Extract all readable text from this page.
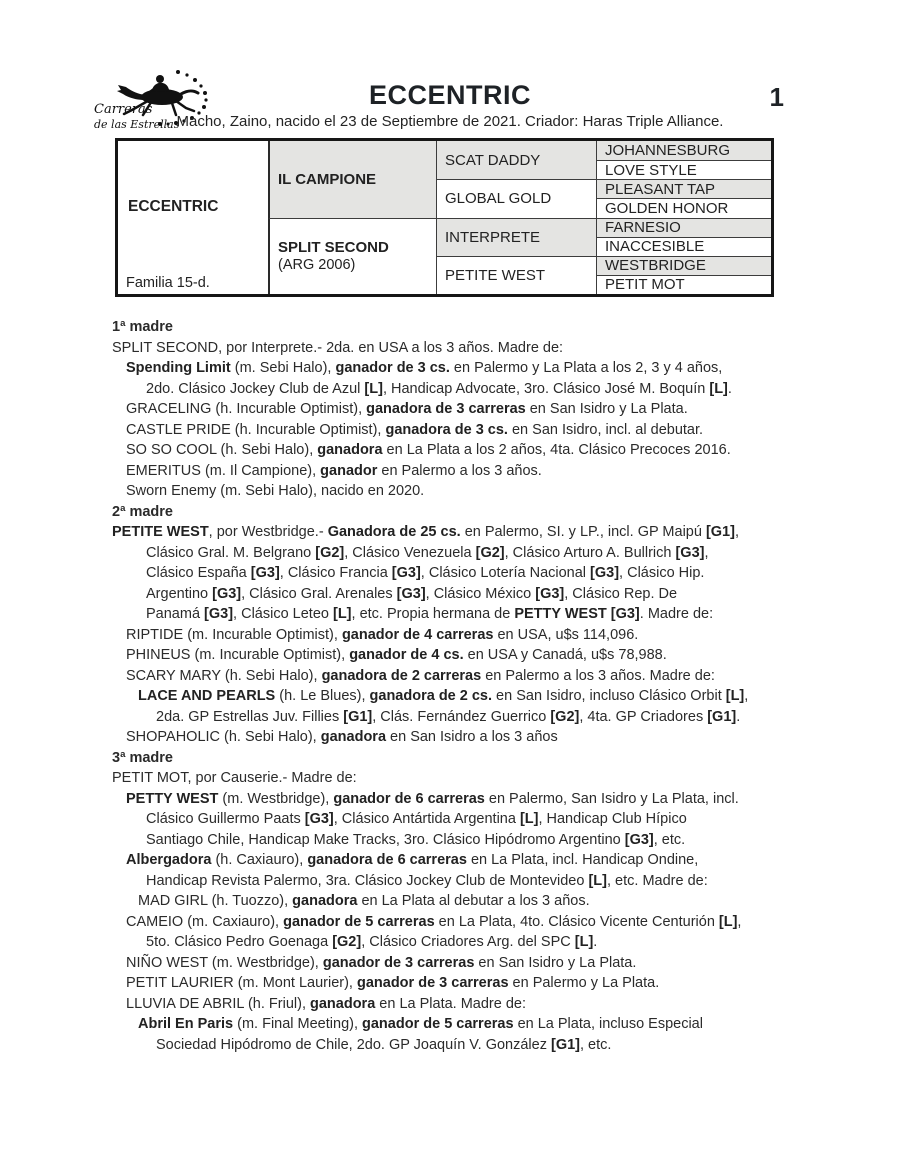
Carreras
de las Estrellas
ECCENTRIC	1
Macho, Zaino, nacido el 23 de Septiembre de 2021. Criador: Haras Triple Alliance.
ECCENTRIC
Familia 15-d.
IL CAMPIONE
SPLIT SECOND
(ARG 2006)
SCAT DADDY
GLOBAL GOLD
INTERPRETE
PETITE WEST
JOHANNESBURG
LOVE STYLE
PLEASANT TAP
GOLDEN HONOR
FARNESIO
INACCESIBLE
WESTBRIDGE
PETIT MOT
1ª madre
SPLIT SECOND, por Interprete.- 2da. en USA a los 3 años. Madre de:
Spending Limit (m. Sebi Halo), ganador de 3 cs. en Palermo y La Plata a los 2, 3 y 4 años,
2do. Clásico Jockey Club de Azul [L], Handicap Advocate, 3ro. Clásico José M. Boquín [L].
GRACELING (h. Incurable Optimist), ganadora de 3 carreras en San Isidro y La Plata.
CASTLE PRIDE (h. Incurable Optimist), ganadora de 3 cs. en San Isidro, incl. al debutar.
SO SO COOL (h. Sebi Halo), ganadora en La Plata a los 2 años, 4ta. Clásico Precoces 2016.
EMERITUS (m. Il Campione), ganador en Palermo a los 3 años.
Sworn Enemy (m. Sebi Halo), nacido en 2020.
2ª madre
PETITE WEST, por Westbridge.- Ganadora de 25 cs. en Palermo, SI. y LP., incl. GP Maipú [G1],
Clásico Gral. M. Belgrano [G2], Clásico Venezuela [G2], Clásico Arturo A. Bullrich [G3],
Clásico España [G3], Clásico Francia [G3], Clásico Lotería Nacional [G3], Clásico Hip.
Argentino [G3], Clásico Gral. Arenales [G3], Clásico México [G3], Clásico Rep. De
Panamá [G3], Clásico Leteo [L], etc. Propia hermana de PETTY WEST [G3]. Madre de:
RIPTIDE (m. Incurable Optimist), ganador de 4 carreras en USA, u$s 114,096.
PHINEUS (m. Incurable Optimist), ganador de 4 cs. en USA y Canadá, u$s 78,988.
SCARY MARY (h. Sebi Halo), ganadora de 2 carreras en Palermo a los 3 años. Madre de:
LACE AND PEARLS (h. Le Blues), ganadora de 2 cs. en San Isidro, incluso Clásico Orbit [L],
2da. GP Estrellas Juv. Fillies [G1], Clás. Fernández Guerrico [G2], 4ta. GP Criadores [G1].
SHOPAHOLIC (h. Sebi Halo), ganadora en San Isidro a los 3 años
3ª madre
PETIT MOT, por Causerie.- Madre de:
PETTY WEST (m. Westbridge), ganador de 6 carreras en Palermo, San Isidro y La Plata, incl.
Clásico Guillermo Paats [G3], Clásico Antártida Argentina [L], Handicap Club Hípico
Santiago Chile, Handicap Make Tracks, 3ro. Clásico Hipódromo Argentino [G3], etc.
Albergadora (h. Caxiauro), ganadora de 6 carreras en La Plata, incl. Handicap Ondine,
Handicap Revista Palermo, 3ra. Clásico Jockey Club de Montevideo [L], etc. Madre de:
MAD GIRL (h. Tuozzo), ganadora en La Plata al debutar a los 3 años.
CAMEIO (m. Caxiauro), ganador de 5 carreras en La Plata, 4to. Clásico Vicente Centurión [L],
5to. Clásico Pedro Goenaga [G2], Clásico Criadores Arg. del SPC [L].
NIÑO WEST (m. Westbridge), ganador de 3 carreras en San Isidro y La Plata.
PETIT LAURIER (m. Mont Laurier), ganador de 3 carreras en Palermo y La Plata.
LLUVIA DE ABRIL (h. Friul), ganadora en La Plata. Madre de:
Abril En Paris (m. Final Meeting), ganador de 5 carreras en La Plata, incluso Especial
Sociedad Hipódromo de Chile, 2do. GP Joaquín V. González [G1], etc.
